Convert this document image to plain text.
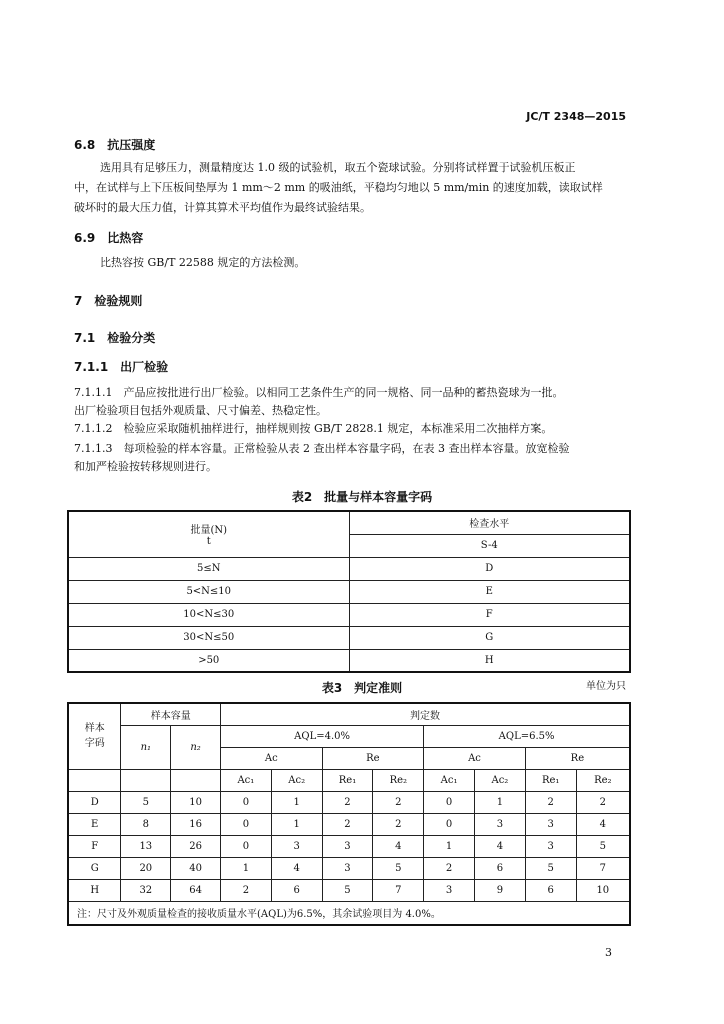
JC/T 2348—2015
6.8　抗压强度
选用具有足够压力，测量精度达 1.0 级的试验机，取五个瓷球试验。分别将试样置于试验机压板正
中，在试样与上下压板间垫厚为 1 mm～2 mm 的吸油纸，平稳均匀地以 5 mm/min 的速度加载，读取试样
破坏时的最大压力值，计算其算术平均值作为最终试验结果。
6.9　比热容
比热容按 GB/T 22588 规定的方法检测。
7　检验规则
7.1　检验分类
7.1.1　出厂检验
7.1.1.1　产品应按批进行出厂检验。以相同工艺条件生产的同一规格、同一品种的蓄热瓷球为一批。
出厂检验项目包括外观质量、尺寸偏差、热稳定性。
7.1.1.2　检验应采取随机抽样进行，抽样规则按 GB/T 2828.1 规定，本标准采用二次抽样方案。
7.1.1.3　每项检验的样本容量。正常检验从表 2 查出样本容量字码，在表 3 查出样本容量。放宽检验
和加严检验按转移规则进行。
表2　批量与样本容量字码
批量(N)
t	检查水平
	S-4
5≤N	D
5<N≤10	E
10<N≤30	F
30<N≤50	G
>50	H
表3　判定准则	单位为只
样本字码	样本容量		判定数							
	n₁	n₂	AQL=4.0%				AQL=6.5%			
			Ac		Re		Ac		Re	
			Ac₁	Ac₂	Re₁	Re₂	Ac₁	Ac₂	Re₁	Re₂
D	5	10	0	1	2	2	0	1	2	2
E	8	16	0	1	2	2	0	3	3	4
F	13	26	0	3	3	4	1	4	3	5
G	20	40	1	4	3	5	2	6	5	7
H	32	64	2	6	5	7	3	9	6	10
注：尺寸及外观质量检查的接收质量水平(AQL)为6.5%，其余试验项目为 4.0%。										
3
